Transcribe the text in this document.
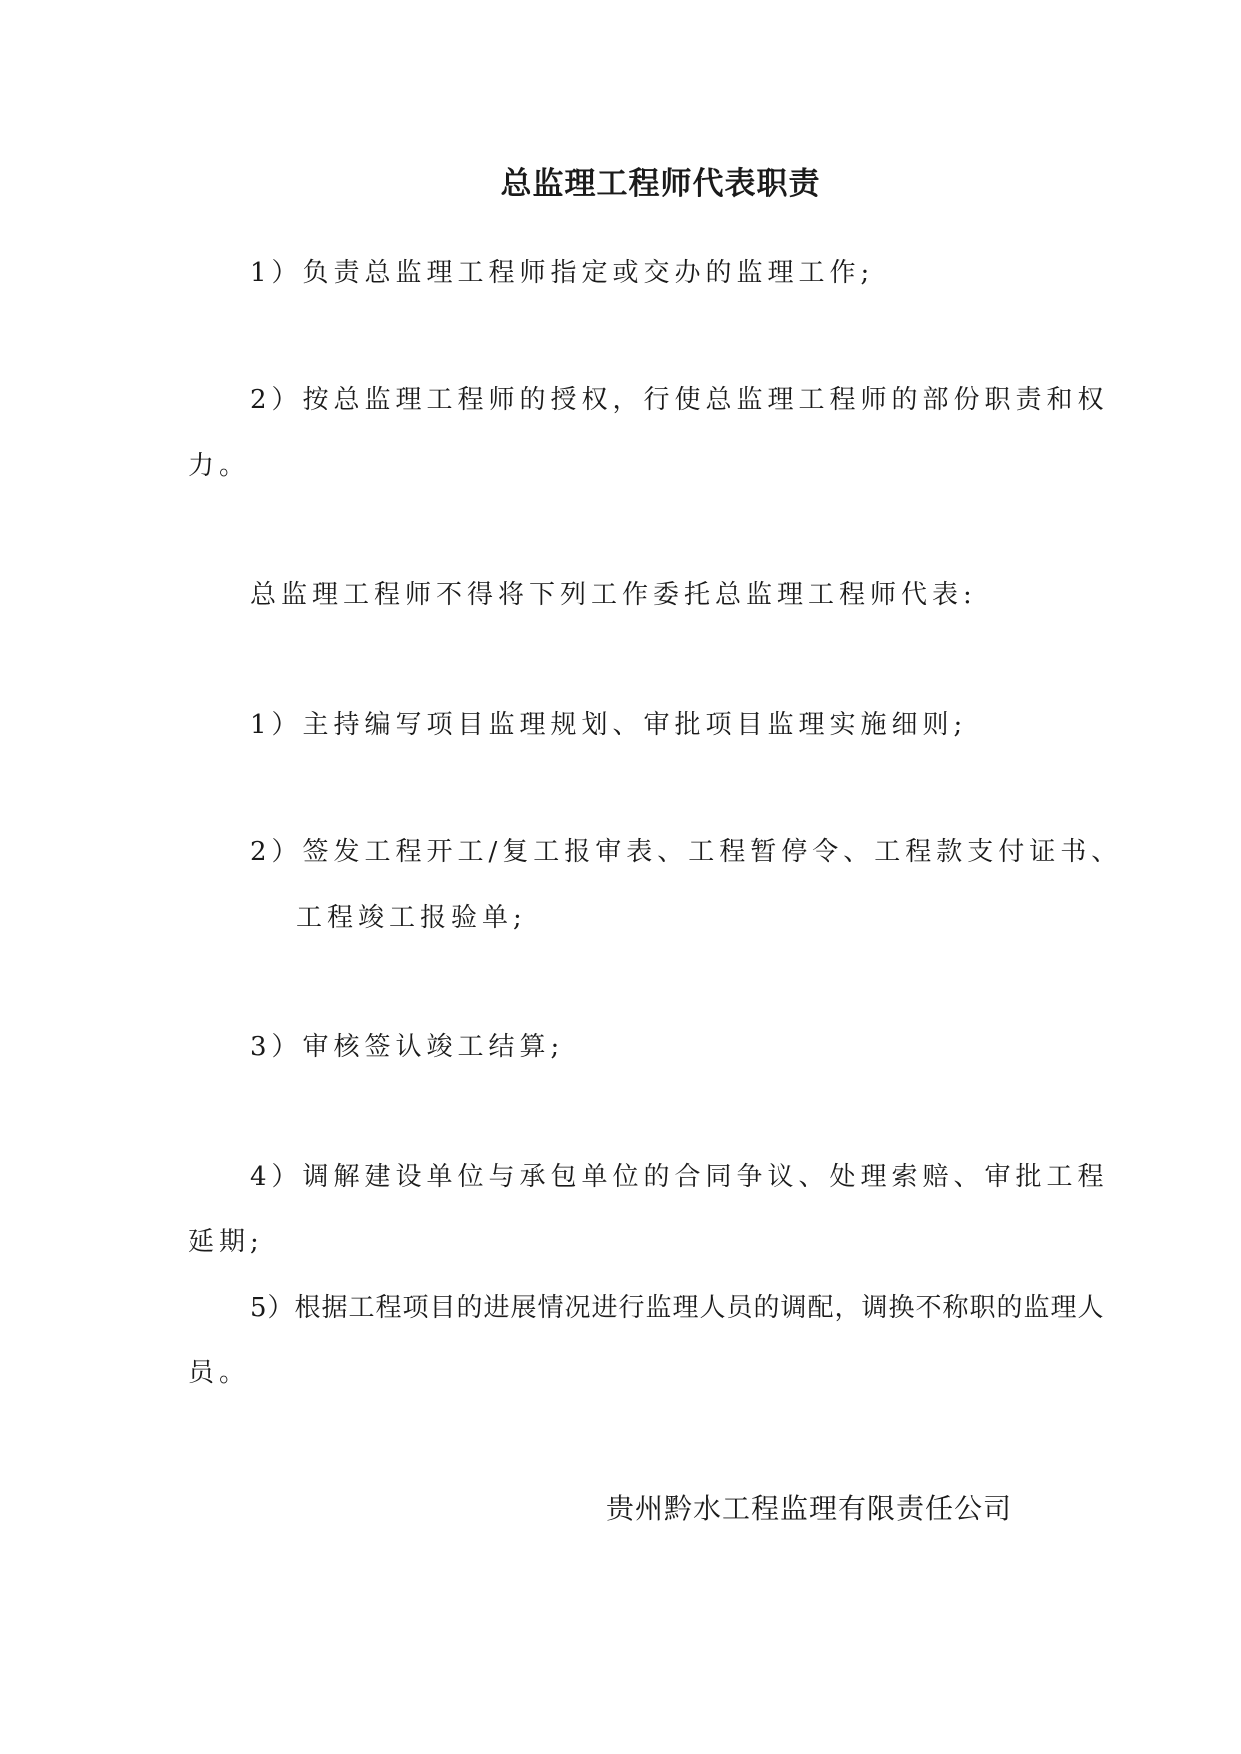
总监理工程师代表职责
1）负责总监理工程师指定或交办的监理工作;
2）按总监理工程师的授权，行使总监理工程师的部份职责和权
力。
总监理工程师不得将下列工作委托总监理工程师代表:
1）主持编写项目监理规划、审批项目监理实施细则;
2）签发工程开工/复工报审表、工程暂停令、工程款支付证书、
工程竣工报验单;
3）审核签认竣工结算;
4）调解建设单位与承包单位的合同争议、处理索赔、审批工程
延期;
5）根据工程项目的进展情况进行监理人员的调配，调换不称职的监理人
员。
贵州黔水工程监理有限责任公司
